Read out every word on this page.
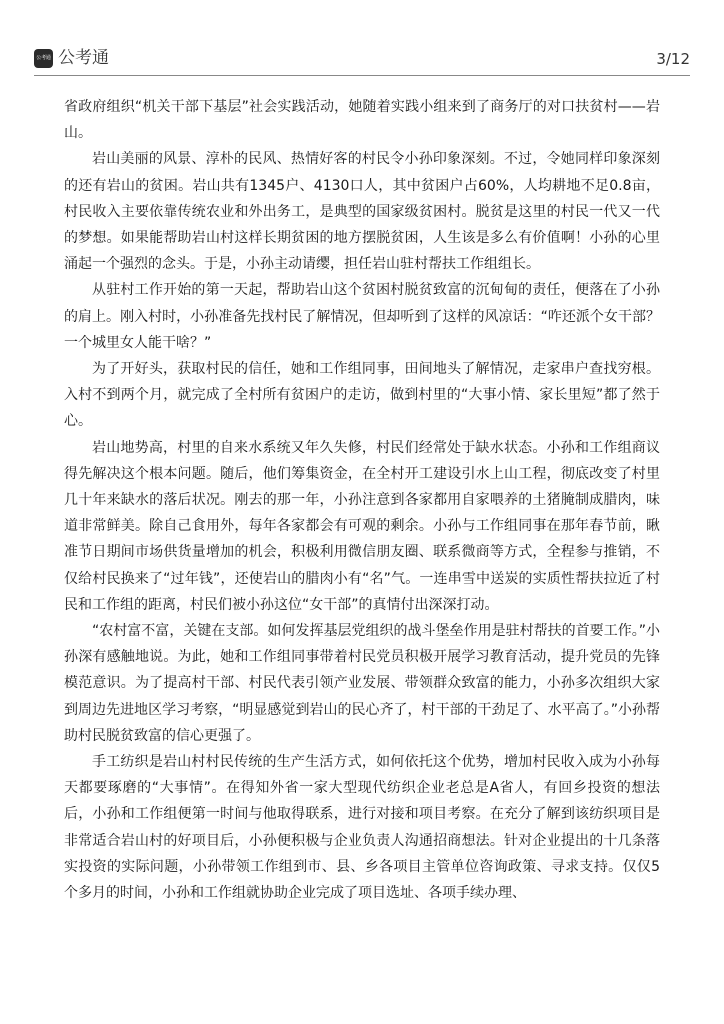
公考通 公考通	3/12

省政府组织“机关干部下基层”社会实践活动，她随着实践小组来到了商务厅的对口扶贫村——岩山。

岩山美丽的风景、淳朴的民风、热情好客的村民令小孙印象深刻。不过，令她同样印象深刻的还有岩山的贫困。岩山共有1345户、4130口人，其中贫困户占60%，人均耕地不足0.8亩，村民收入主要依靠传统农业和外出务工，是典型的国家级贫困村。脱贫是这里的村民一代又一代的梦想。如果能帮助岩山村这样长期贫困的地方摆脱贫困，人生该是多么有价值啊！小孙的心里涌起一个强烈的念头。于是，小孙主动请缨，担任岩山驻村帮扶工作组组长。

从驻村工作开始的第一天起，帮助岩山这个贫困村脱贫致富的沉甸甸的责任，便落在了小孙的肩上。刚入村时，小孙准备先找村民了解情况，但却听到了这样的风凉话：“咋还派个女干部？一个城里女人能干啥？”

为了开好头，获取村民的信任，她和工作组同事，田间地头了解情况，走家串户查找穷根。入村不到两个月，就完成了全村所有贫困户的走访，做到村里的“大事小情、家长里短”都了然于心。

岩山地势高，村里的自来水系统又年久失修，村民们经常处于缺水状态。小孙和工作组商议得先解决这个根本问题。随后，他们筹集资金，在全村开工建设引水上山工程，彻底改变了村里几十年来缺水的落后状况。刚去的那一年，小孙注意到各家都用自家喂养的土猪腌制成腊肉，味道非常鲜美。除自己食用外，每年各家都会有可观的剩余。小孙与工作组同事在那年春节前，瞅准节日期间市场供货量增加的机会，积极利用微信朋友圈、联系微商等方式，全程参与推销，不仅给村民换来了“过年钱”，还使岩山的腊肉小有“名”气。一连串雪中送炭的实质性帮扶拉近了村民和工作组的距离，村民们被小孙这位“女干部”的真情付出深深打动。

“农村富不富，关键在支部。如何发挥基层党组织的战斗堡垒作用是驻村帮扶的首要工作。”小孙深有感触地说。为此，她和工作组同事带着村民党员积极开展学习教育活动，提升党员的先锋模范意识。为了提高村干部、村民代表引领产业发展、带领群众致富的能力，小孙多次组织大家到周边先进地区学习考察，“明显感觉到岩山的民心齐了，村干部的干劲足了、水平高了。”小孙帮助村民脱贫致富的信心更强了。

手工纺织是岩山村村民传统的生产生活方式，如何依托这个优势，增加村民收入成为小孙每天都要琢磨的“大事情”。在得知外省一家大型现代纺织企业老总是A省人，有回乡投资的想法后，小孙和工作组便第一时间与他取得联系，进行对接和项目考察。在充分了解到该纺织项目是非常适合岩山村的好项目后，小孙便积极与企业负责人沟通招商想法。针对企业提出的十几条落实投资的实际问题，小孙带领工作组到市、县、乡各项目主管单位咨询政策、寻求支持。仅仅5个多月的时间，小孙和工作组就协助企业完成了项目选址、各项手续办理、
